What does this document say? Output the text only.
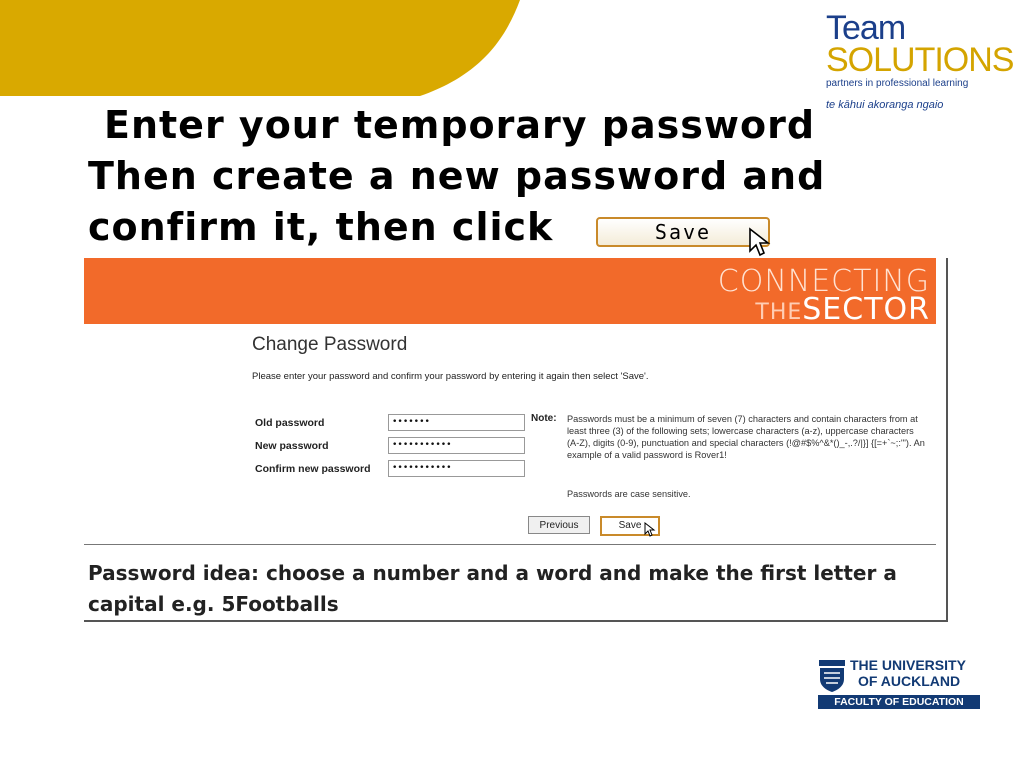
Team
SOLUTIONS
partners in professional learning
te kāhui akoranga ngaio
Enter your temporary password
Then create a new password and
confirm it, then click	Save
CONNECTING
THESECTOR
Change Password
Please enter your password and confirm your password by entering it again then select 'Save'.
Old password	•••••••
New password	•••••••••••
Confirm new password	•••••••••••
Note: Passwords must be a minimum of seven (7) characters and contain characters from at least three (3) of the following sets; lowercase characters (a-z), uppercase characters (A-Z), digits (0-9), punctuation and special characters (!@#$%^&*()_-,.?/|}] {[=+`~;:'"). An example of a valid password is Rover1!
Passwords are case sensitive.
Previous	Save
Password idea: choose a number and a word and make the first letter a capital e.g. 5Footballs
THE UNIVERSITY
OF AUCKLAND
FACULTY OF EDUCATION
